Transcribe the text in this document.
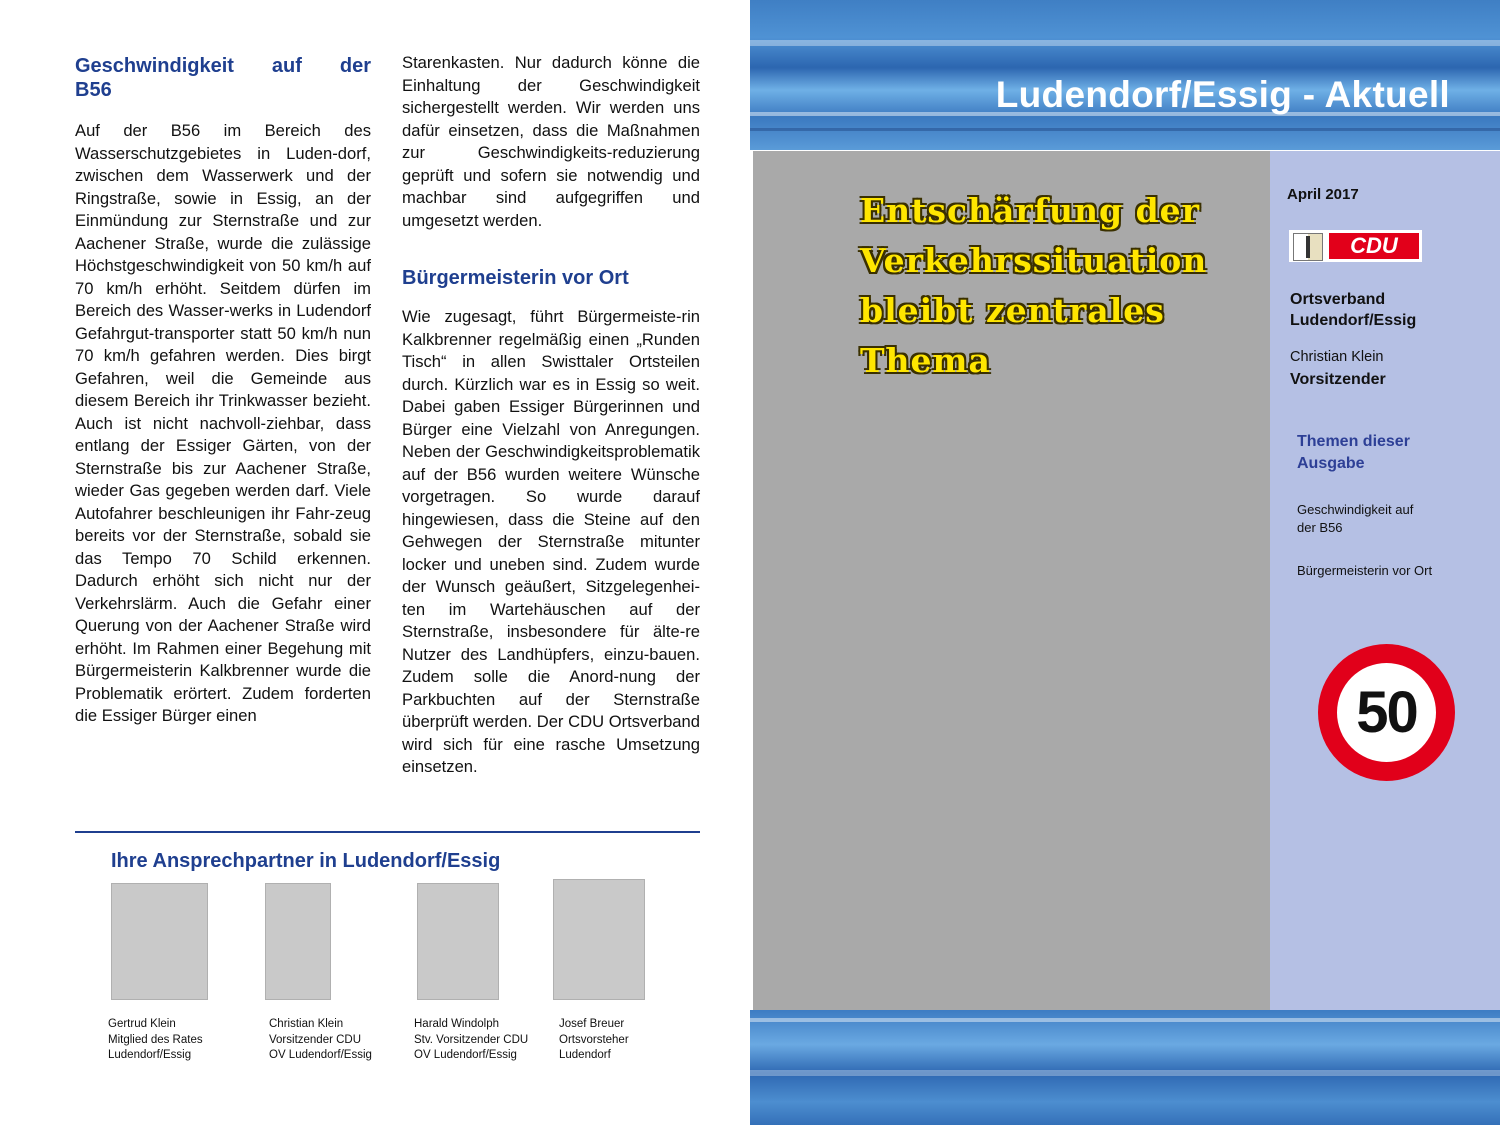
Geschwindigkeit auf der
B56
Auf der B56 im Bereich des Wasserschutzgebietes in Luden-dorf, zwischen dem Wasserwerk und der Ringstraße, sowie in Essig, an der Einmündung zur Sternstraße und zur Aachener Straße, wurde die zulässige Höchstgeschwindigkeit von 50 km/h auf 70 km/h erhöht. Seitdem dürfen im Bereich des Wasser-werks in Ludendorf Gefahrgut-transporter statt 50 km/h nun 70 km/h gefahren werden. Dies birgt Gefahren, weil die Gemeinde aus diesem Bereich ihr Trinkwasser bezieht. Auch ist nicht nachvoll-ziehbar, dass entlang der Essiger Gärten, von der Sternstraße bis zur Aachener Straße, wieder Gas gegeben werden darf. Viele Autofahrer beschleunigen ihr Fahr-zeug bereits vor der Sternstraße, sobald sie das Tempo 70 Schild erkennen. Dadurch erhöht sich nicht nur der Verkehrslärm. Auch die Gefahr einer Querung von der Aachener Straße wird erhöht. Im Rahmen einer Begehung mit Bürgermeisterin Kalkbrenner wurde die Problematik erörtert. Zudem forderten die Essiger Bürger einen
Starenkasten. Nur dadurch könne die Einhaltung der Geschwindigkeit sichergestellt werden. Wir werden uns dafür einsetzen, dass die Maßnahmen zur Geschwindigkeits-reduzierung geprüft und sofern sie notwendig und machbar sind aufgegriffen und umgesetzt werden.
Bürgermeisterin vor Ort
Wie zugesagt, führt Bürgermeiste-rin Kalkbrenner regelmäßig einen „Runden Tisch“ in allen Swisttaler Ortsteilen durch. Kürzlich war es in Essig so weit. Dabei gaben Essiger Bürgerinnen und Bürger eine Vielzahl von Anregungen. Neben der Geschwindigkeitsproblematik auf der B56 wurden weitere Wünsche vorgetragen. So wurde darauf hingewiesen, dass die Steine auf den Gehwegen der Sternstraße mitunter locker und uneben sind. Zudem wurde der Wunsch geäußert, Sitzgelegenhei-ten im Wartehäuschen auf der Sternstraße, insbesondere für älte-re Nutzer des Landhüpfers, einzu-bauen. Zudem solle die Anord-nung der Parkbuchten auf der Sternstraße überprüft werden. Der CDU Ortsverband wird sich für eine rasche Umsetzung einsetzen.
Ihre Ansprechpartner in Ludendorf/Essig
Gertrud Klein
Mitglied des Rates
Ludendorf/Essig
Christian Klein
Vorsitzender CDU
OV Ludendorf/Essig
Harald Windolph
Stv. Vorsitzender CDU
OV Ludendorf/Essig
Josef Breuer
Ortsvorsteher
Ludendorf
Ludendorf/Essig - Aktuell
Entschärfung der Verkehrssituation bleibt zentrales Thema
April 2017
CDU
Ortsverband
Ludendorf/Essig
Christian Klein
Vorsitzender
Themen dieser
Ausgabe
Geschwindigkeit auf
der B56
Bürgermeisterin vor Ort
50
